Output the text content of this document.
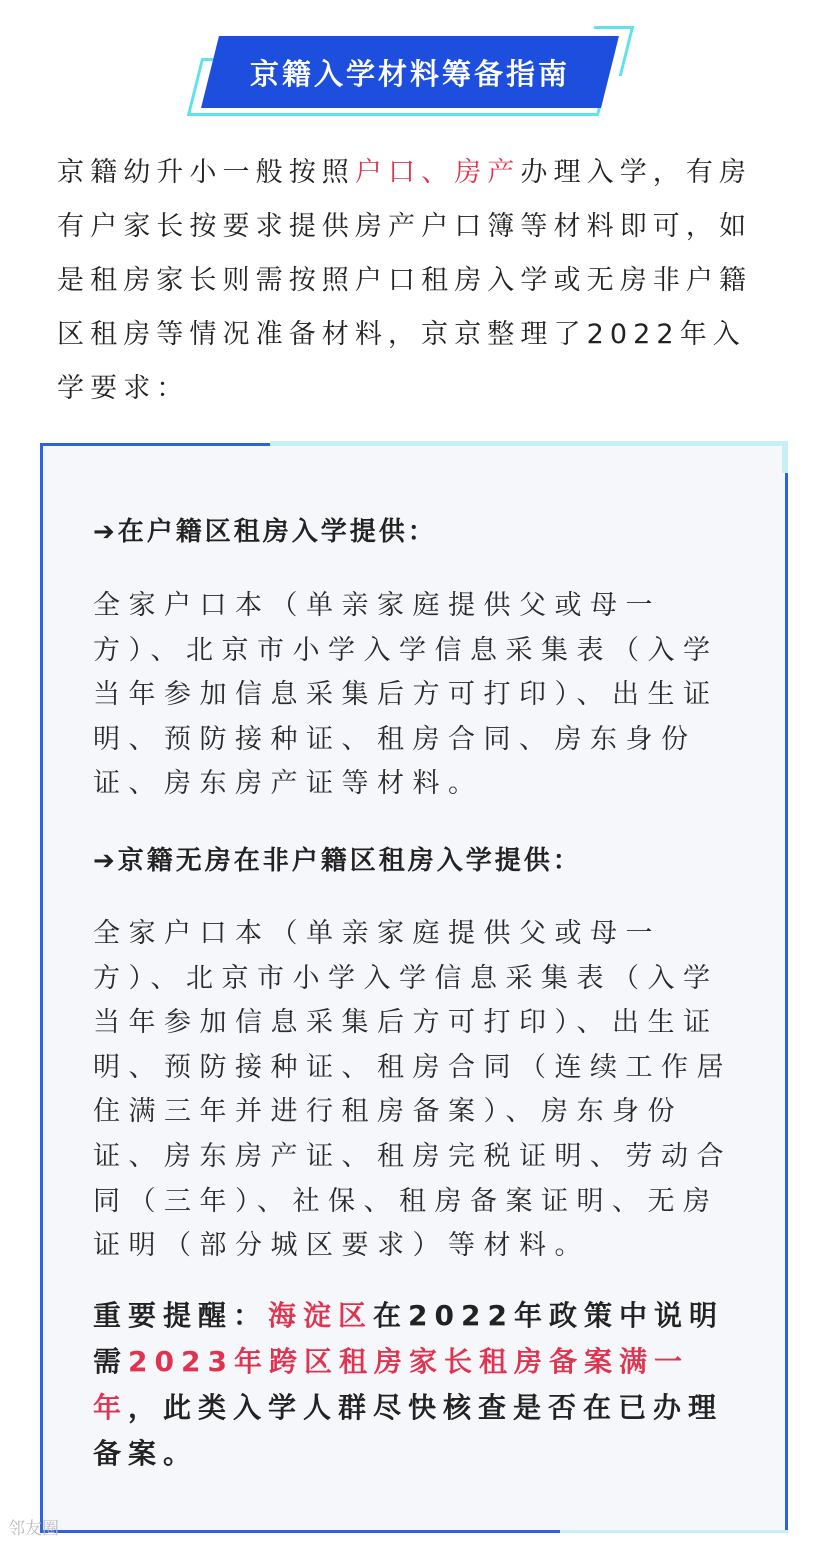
京籍入学材料筹备指南
京籍幼升小一般按照户口、房产办理入学，有房有户家长按要求提供房产户口簿等材料即可，如是租房家长则需按照户口租房入学或无房非户籍区租房等情况准备材料，京京整理了2022年入学要求：
➔在户籍区租房入学提供：
全家户口本（单亲家庭提供父或母一方）、北京市小学入学信息采集表（入学当年参加信息采集后方可打印）、出生证明、预防接种证、租房合同、房东身份证、房东房产证等材料。
➔京籍无房在非户籍区租房入学提供：
全家户口本（单亲家庭提供父或母一方）、北京市小学入学信息采集表（入学当年参加信息采集后方可打印）、出生证明、预防接种证、租房合同（连续工作居住满三年并进行租房备案）、房东身份证、房东房产证、租房完税证明、劳动合同（三年）、社保、租房备案证明、无房证明（部分城区要求）等材料。
重要提醒：海淀区在2022年政策中说明需2023年跨区租房家长租房备案满一年，此类入学人群尽快核查是否在已办理备案。
邻友圈
